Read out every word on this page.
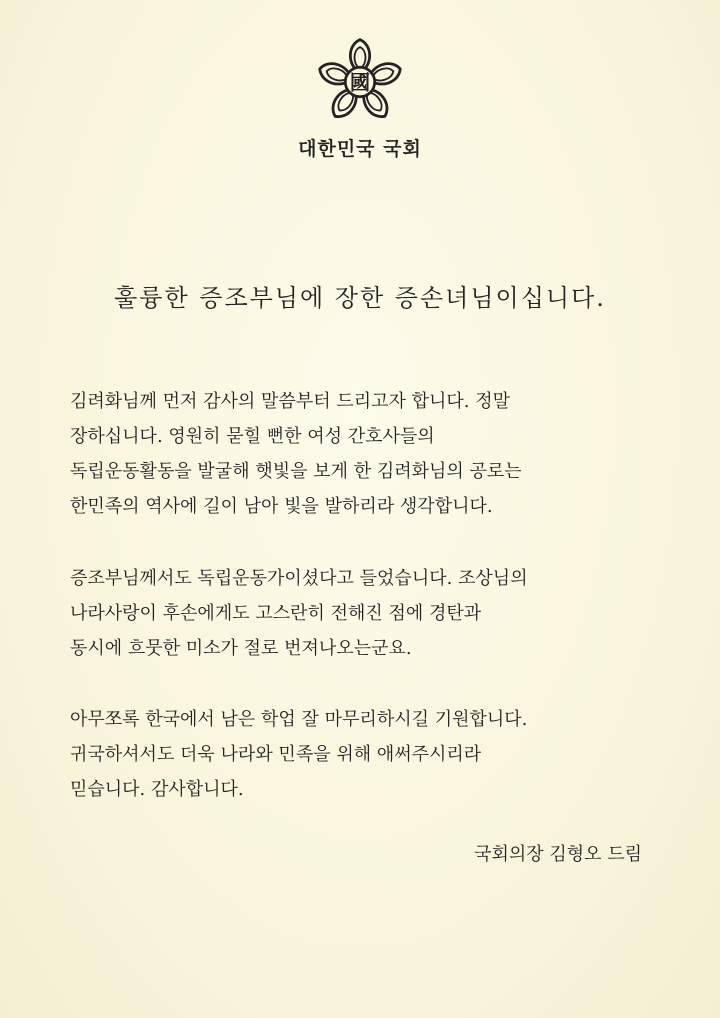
國
대한민국 국회
훌륭한 증조부님에 장한 증손녀님이십니다.
김려화님께 먼저 감사의 말씀부터 드리고자 합니다. 정말
장하십니다. 영원히 묻힐 뻔한 여성 간호사들의
독립운동활동을 발굴해 햇빛을 보게 한 김려화님의 공로는
한민족의 역사에 길이 남아 빛을 발하리라 생각합니다.
증조부님께서도 독립운동가이셨다고 들었습니다. 조상님의
나라사랑이 후손에게도 고스란히 전해진 점에 경탄과
동시에 흐뭇한 미소가 절로 번져나오는군요.
아무쪼록 한국에서 남은 학업 잘 마무리하시길 기원합니다.
귀국하셔서도 더욱 나라와 민족을 위해 애써주시리라
믿습니다. 감사합니다.
국회의장 김형오 드림
